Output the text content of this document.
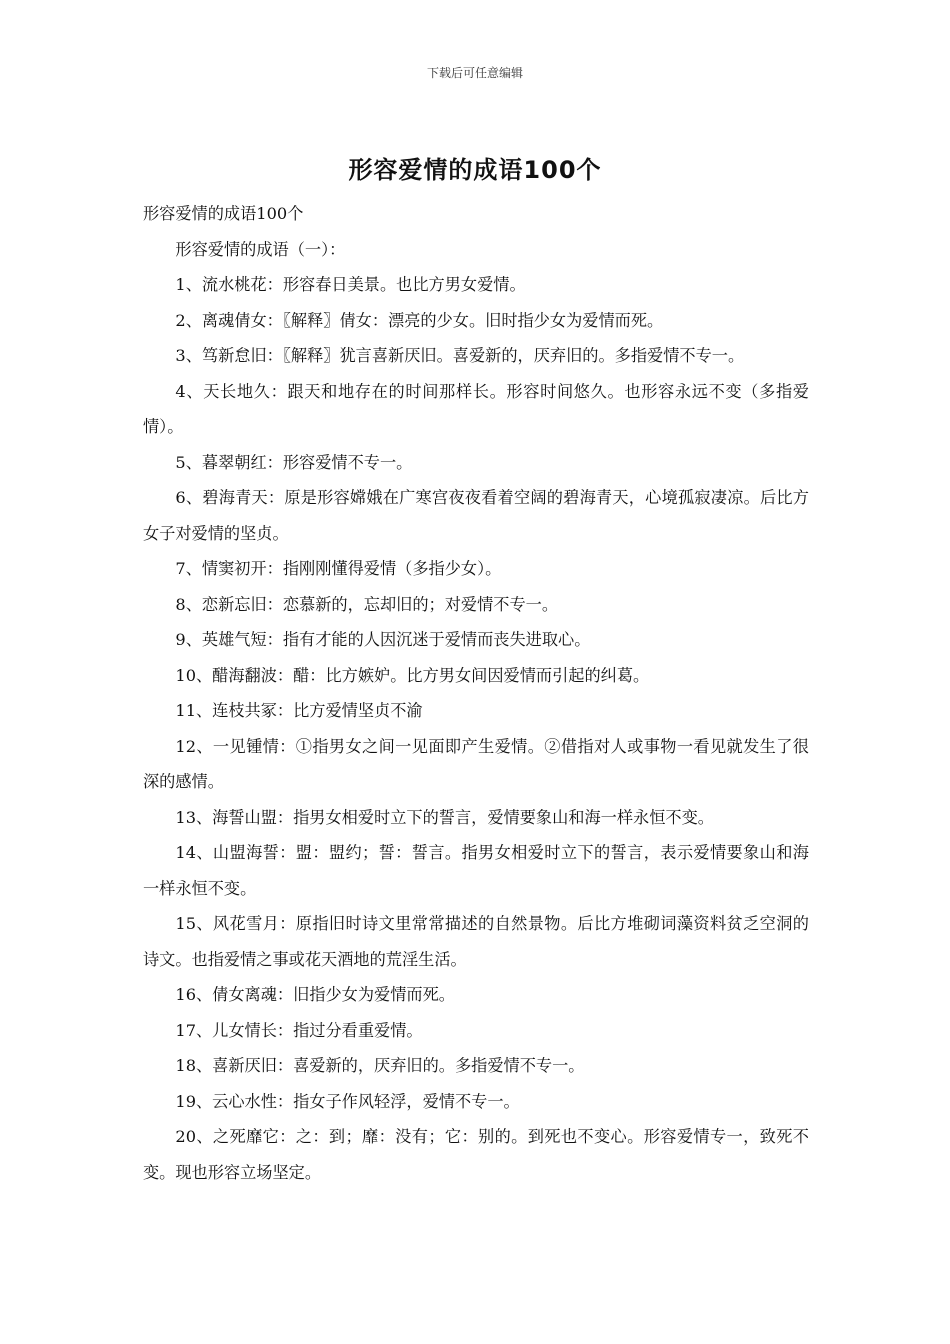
下载后可任意编辑
形容爱情的成语100个

形容爱情的成语100个

形容爱情的成语（一）：

1、流水桃花：形容春日美景。也比方男女爱情。

2、离魂倩女：〖解释〗倩女：漂亮的少女。旧时指少女为爱情而死。

3、笃新怠旧：〖解释〗犹言喜新厌旧。喜爱新的，厌弃旧的。多指爱情不专一。

4、天长地久：跟天和地存在的时间那样长。形容时间悠久。也形容永远不变（多指爱情）。

5、暮翠朝红：形容爱情不专一。

6、碧海青天：原是形容嫦娥在广寒宫夜夜看着空阔的碧海青天，心境孤寂凄凉。后比方女子对爱情的坚贞。

7、情窦初开：指刚刚懂得爱情（多指少女）。

8、恋新忘旧：恋慕新的，忘却旧的；对爱情不专一。

9、英雄气短：指有才能的人因沉迷于爱情而丧失进取心。

10、醋海翻波：醋：比方嫉妒。比方男女间因爱情而引起的纠葛。

11、连枝共冢：比方爱情坚贞不渝

12、一见锺情：①指男女之间一见面即产生爱情。②借指对人或事物一看见就发生了很深的感情。

13、海誓山盟：指男女相爱时立下的誓言，爱情要象山和海一样永恒不变。

14、山盟海誓：盟：盟约；誓：誓言。指男女相爱时立下的誓言，表示爱情要象山和海一样永恒不变。

15、风花雪月：原指旧时诗文里常常描述的自然景物。后比方堆砌词藻资料贫乏空洞的诗文。也指爱情之事或花天酒地的荒淫生活。

16、倩女离魂：旧指少女为爱情而死。

17、儿女情长：指过分看重爱情。

18、喜新厌旧：喜爱新的，厌弃旧的。多指爱情不专一。

19、云心水性：指女子作风轻浮，爱情不专一。

20、之死靡它：之：到；靡：没有；它：别的。到死也不变心。形容爱情专一，致死不变。现也形容立场坚定。
